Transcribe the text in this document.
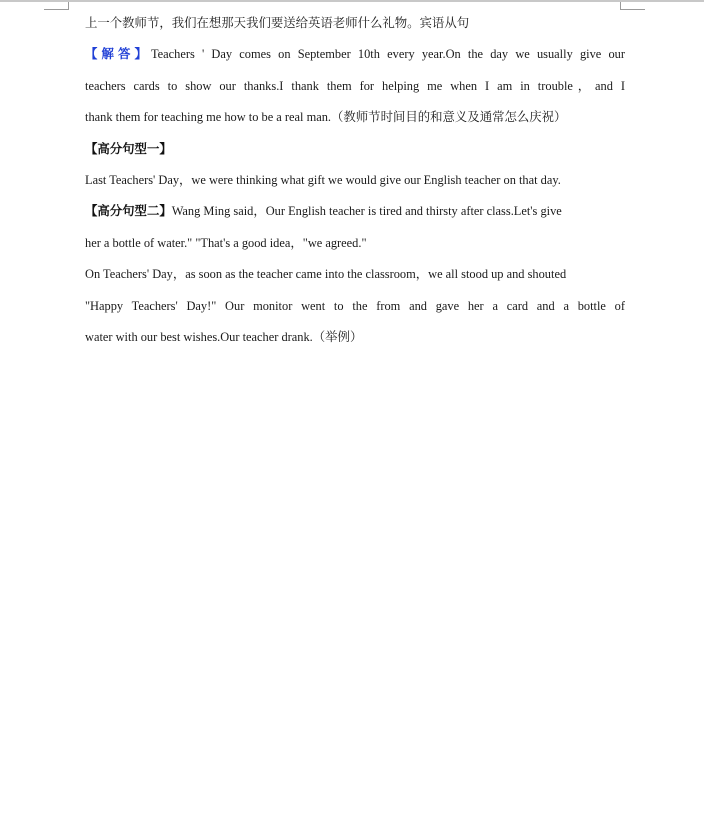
上一个教师节，我们在想那天我们要送给英语老师什么礼物。宾语从句
【解答】Teachers ' Day comes on September 10th every year.On the day we usually give our
teachers cards to show our thanks.I thank them for helping me when I am in trouble，and I
thank them for teaching me how to be a real man.（教师节时间目的和意义及通常怎么庆祝）
【高分句型一】
Last Teachers' Day，we were thinking what gift we would give our English teacher on that day.
【高分句型二】Wang Ming said，Our English teacher is tired and thirsty after class.Let's give
her a bottle of water." "That's a good idea，"we agreed."
On Teachers' Day，as soon as the teacher came into the classroom，we all stood up and shouted
"Happy Teachers' Day!" Our monitor went to the from and gave her a card and a bottle of
water with our best wishes.Our teacher drank.（举例）
